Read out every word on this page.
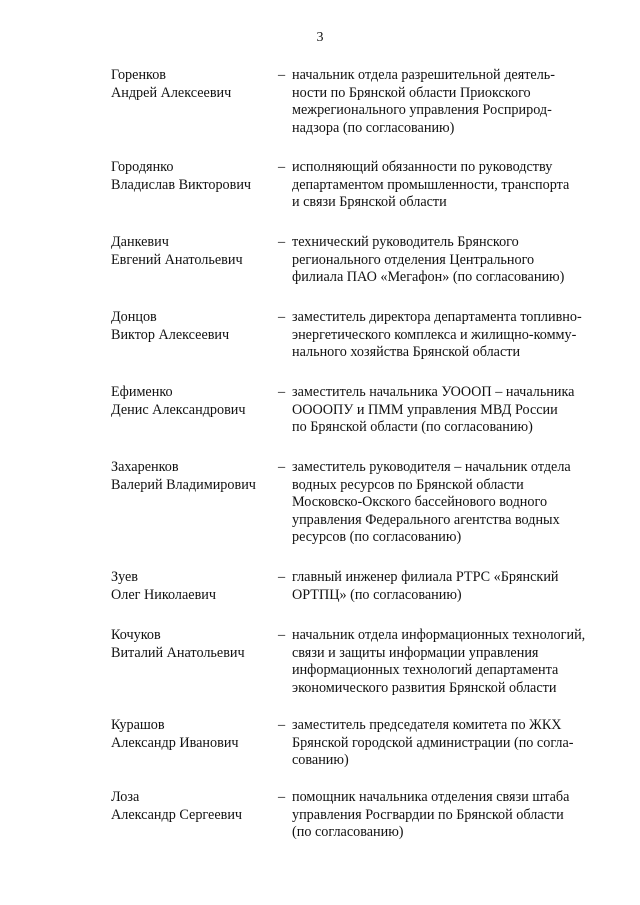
3
Горенков
Андрей Алексеевич
– начальник отдела разрешительной деятель-
ности по Брянской области Приокского
межрегионального управления Росприрод-
надзора (по согласованию)
Городянко
Владислав Викторович
– исполняющий обязанности по руководству
департаментом промышленности, транспорта
и связи Брянской области
Данкевич
Евгений Анатольевич
– технический руководитель Брянского
регионального отделения Центрального
филиала ПАО «Мегафон» (по согласованию)
Донцов
Виктор Алексеевич
– заместитель директора департамента топливно-
энергетического комплекса и жилищно-комму-
нального хозяйства Брянской области
Ефименко
Денис Александрович
– заместитель начальника УОООП – начальника
ООООПУ и ПММ управления МВД России
по Брянской области (по согласованию)
Захаренков
Валерий Владимирович
– заместитель руководителя – начальник отдела
водных ресурсов по Брянской области
Московско-Окского бассейнового водного
управления Федерального агентства водных
ресурсов (по согласованию)
Зуев
Олег Николаевич
– главный инженер филиала РТРС «Брянский
ОРТПЦ» (по согласованию)
Кочуков
Виталий Анатольевич
– начальник отдела информационных технологий,
связи и защиты информации управления
информационных технологий департамента
экономического развития Брянской области
Курашов
Александр Иванович
– заместитель председателя комитета по ЖКХ
Брянской городской администрации (по согла-
сованию)
Лоза
Александр Сергеевич
– помощник начальника отделения связи штаба
управления Росгвардии по Брянской области
(по согласованию)
